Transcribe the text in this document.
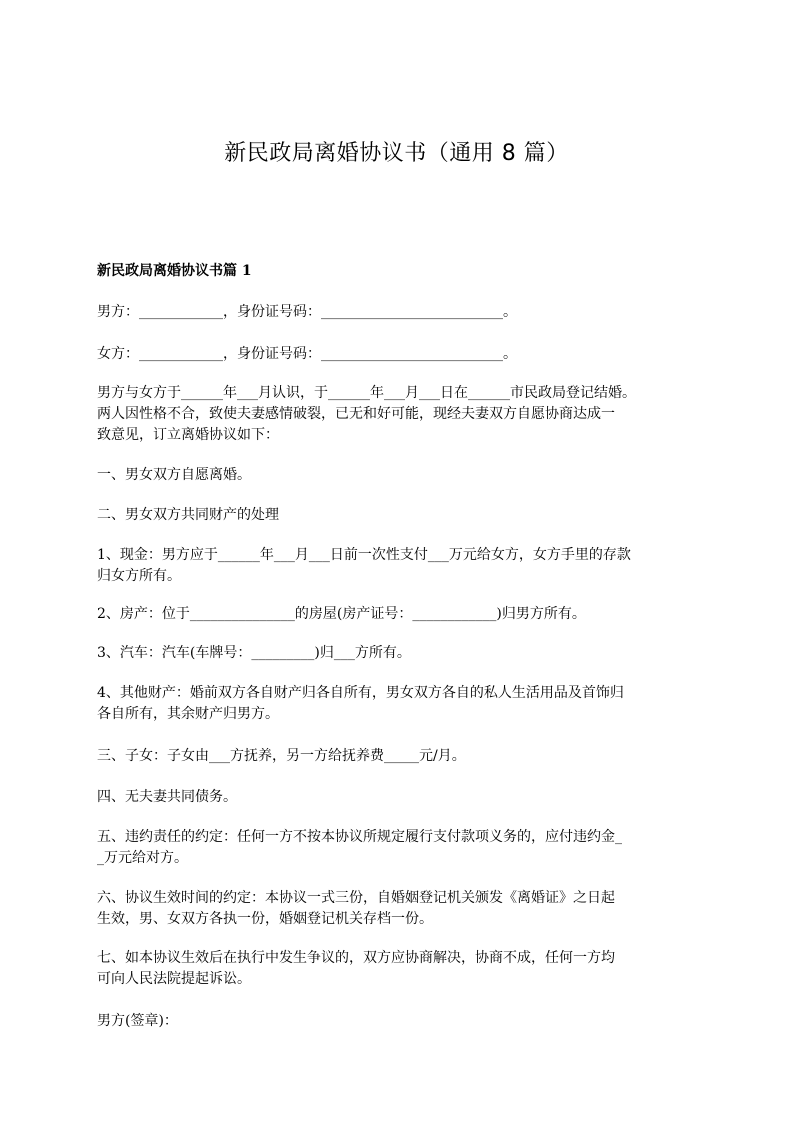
新民政局离婚协议书（通用 8 篇）
新民政局离婚协议书篇 1
男方：____________，身份证号码：__________________________。
女方：____________，身份证号码：__________________________。
男方与女方于______年___月认识，于______年___月___日在______市民政局登记结婚。
两人因性格不合，致使夫妻感情破裂，已无和好可能，现经夫妻双方自愿协商达成一
致意见，订立离婚协议如下：
一、男女双方自愿离婚。
二、男女双方共同财产的处理
1、现金：男方应于______年___月___日前一次性支付___万元给女方，女方手里的存款
归女方所有。
2、房产：位于_______________的房屋(房产证号：____________)归男方所有。
3、汽车：汽车(车牌号：_________)归___方所有。
4、其他财产：婚前双方各自财产归各自所有，男女双方各自的私人生活用品及首饰归
各自所有，其余财产归男方。
三、子女：子女由___方抚养，另一方给抚养费_____元/月。
四、无夫妻共同债务。
五、违约责任的约定：任何一方不按本协议所规定履行支付款项义务的，应付违约金_
_万元给对方。
六、协议生效时间的约定：本协议一式三份，自婚姻登记机关颁发《离婚证》之日起
生效，男、女双方各执一份，婚姻登记机关存档一份。
七、如本协议生效后在执行中发生争议的，双方应协商解决，协商不成，任何一方均
可向人民法院提起诉讼。
男方(签章)：
